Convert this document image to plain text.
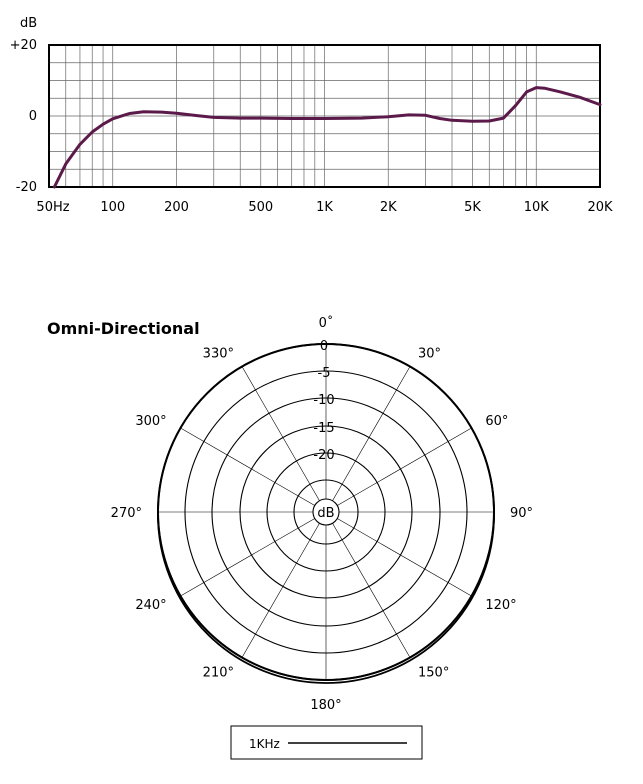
dB
+20
0
-20
50Hz 100	200	500	1K	2K	5K	10K	20K
Omni-Directional	0˚
30°
60°
90°
120°
150°
180°
210°
240°
270°
300°
330°
0
-5
-10
-15
-20
dB
1KHz
